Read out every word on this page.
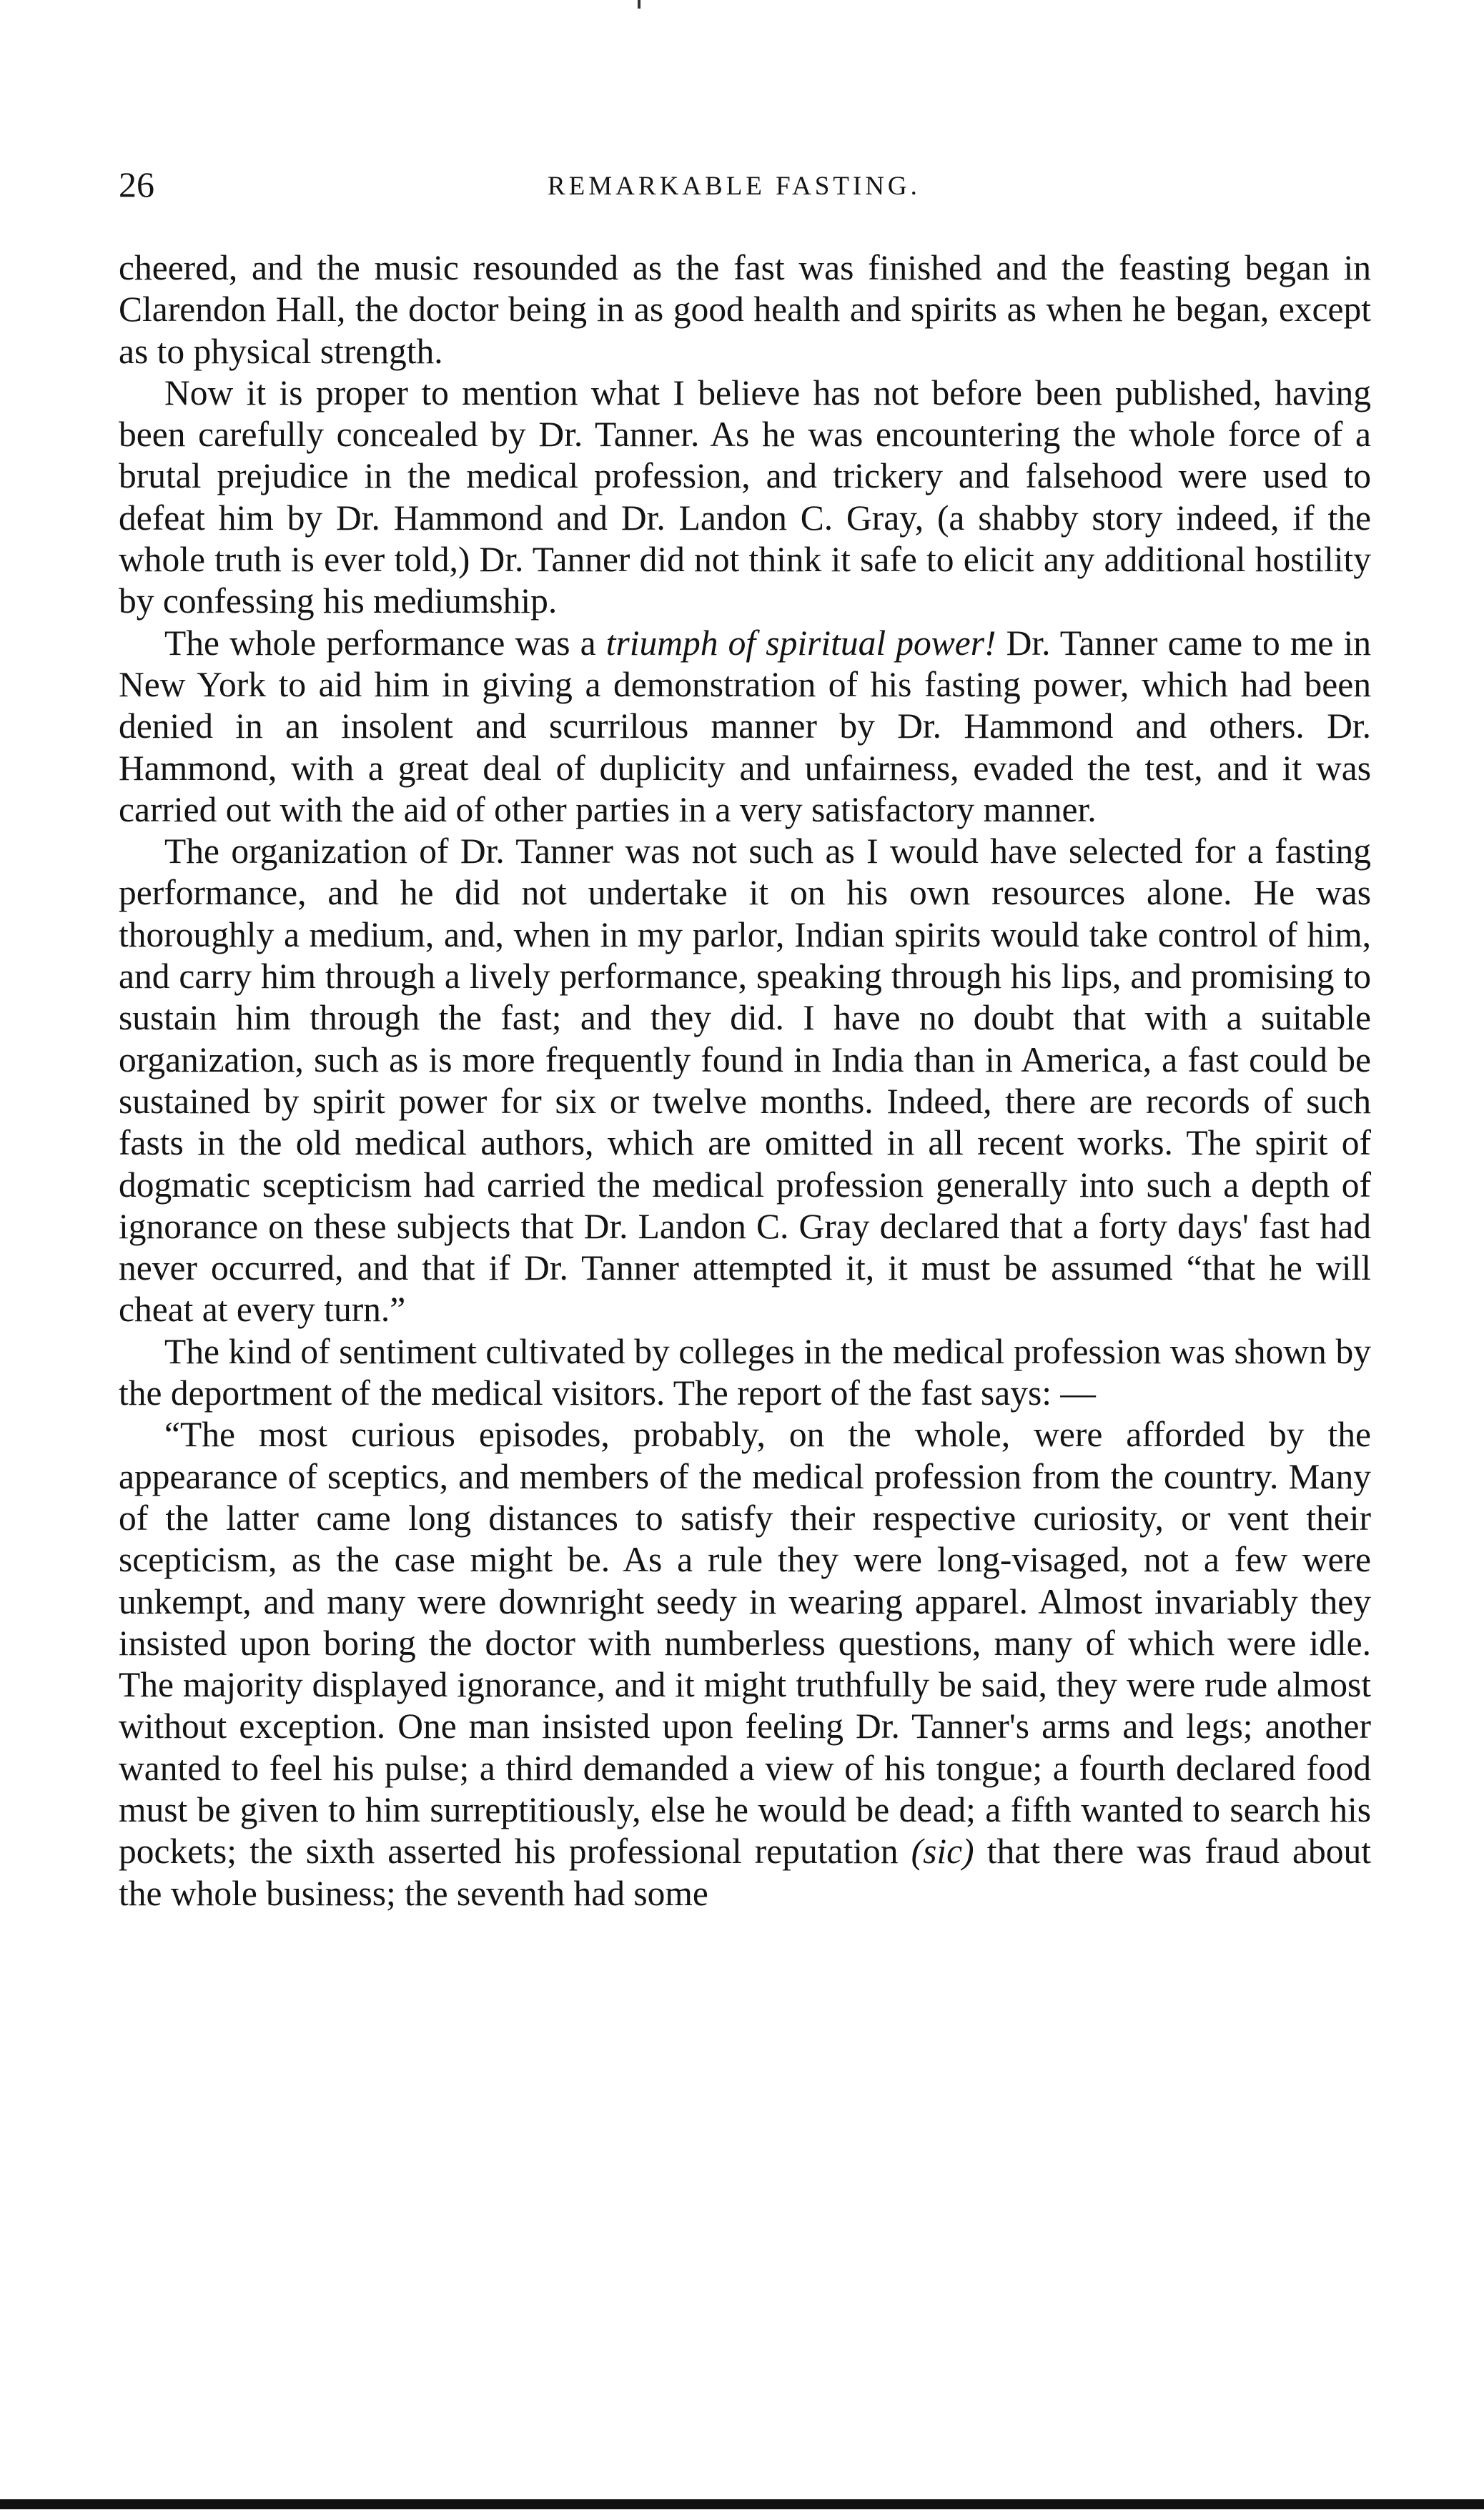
26	REMARKABLE FASTING.

cheered, and the music resounded as the fast was finished and the feasting began in Clarendon Hall, the doctor being in as good health and spirits as when he began, except as to physical strength.

Now it is proper to mention what I believe has not before been published, having been carefully concealed by Dr. Tanner. As he was encountering the whole force of a brutal prejudice in the medical profession, and trickery and falsehood were used to defeat him by Dr. Hammond and Dr. Landon C. Gray, (a shabby story indeed, if the whole truth is ever told,) Dr. Tanner did not think it safe to elicit any additional hostility by confessing his mediumship.

The whole performance was a triumph of spiritual power! Dr. Tanner came to me in New York to aid him in giving a demonstration of his fasting power, which had been denied in an insolent and scurrilous manner by Dr. Hammond and others. Dr. Hammond, with a great deal of duplicity and unfairness, evaded the test, and it was carried out with the aid of other parties in a very satisfactory manner.

The organization of Dr. Tanner was not such as I would have selected for a fasting performance, and he did not undertake it on his own resources alone. He was thoroughly a medium, and, when in my parlor, Indian spirits would take control of him, and carry him through a lively performance, speaking through his lips, and promising to sustain him through the fast; and they did. I have no doubt that with a suitable organization, such as is more frequently found in India than in America, a fast could be sustained by spirit power for six or twelve months. Indeed, there are records of such fasts in the old medical authors, which are omitted in all recent works. The spirit of dogmatic scepticism had carried the medical profession generally into such a depth of ignorance on these subjects that Dr. Landon C. Gray declared that a forty days' fast had never occurred, and that if Dr. Tanner attempted it, it must be assumed “that he will cheat at every turn.”

The kind of sentiment cultivated by colleges in the medical profession was shown by the deportment of the medical visitors. The report of the fast says: —

“The most curious episodes, probably, on the whole, were afforded by the appearance of sceptics, and members of the medical profession from the country. Many of the latter came long distances to satisfy their respective curiosity, or vent their scepticism, as the case might be. As a rule they were long-visaged, not a few were unkempt, and many were downright seedy in wearing apparel. Almost invariably they insisted upon boring the doctor with numberless questions, many of which were idle. The majority displayed ignorance, and it might truthfully be said, they were rude almost without exception. One man insisted upon feeling Dr. Tanner's arms and legs; another wanted to feel his pulse; a third demanded a view of his tongue; a fourth declared food must be given to him surreptitiously, else he would be dead; a fifth wanted to search his pockets; the sixth asserted his professional reputation (sic) that there was fraud about the whole business; the seventh had some
